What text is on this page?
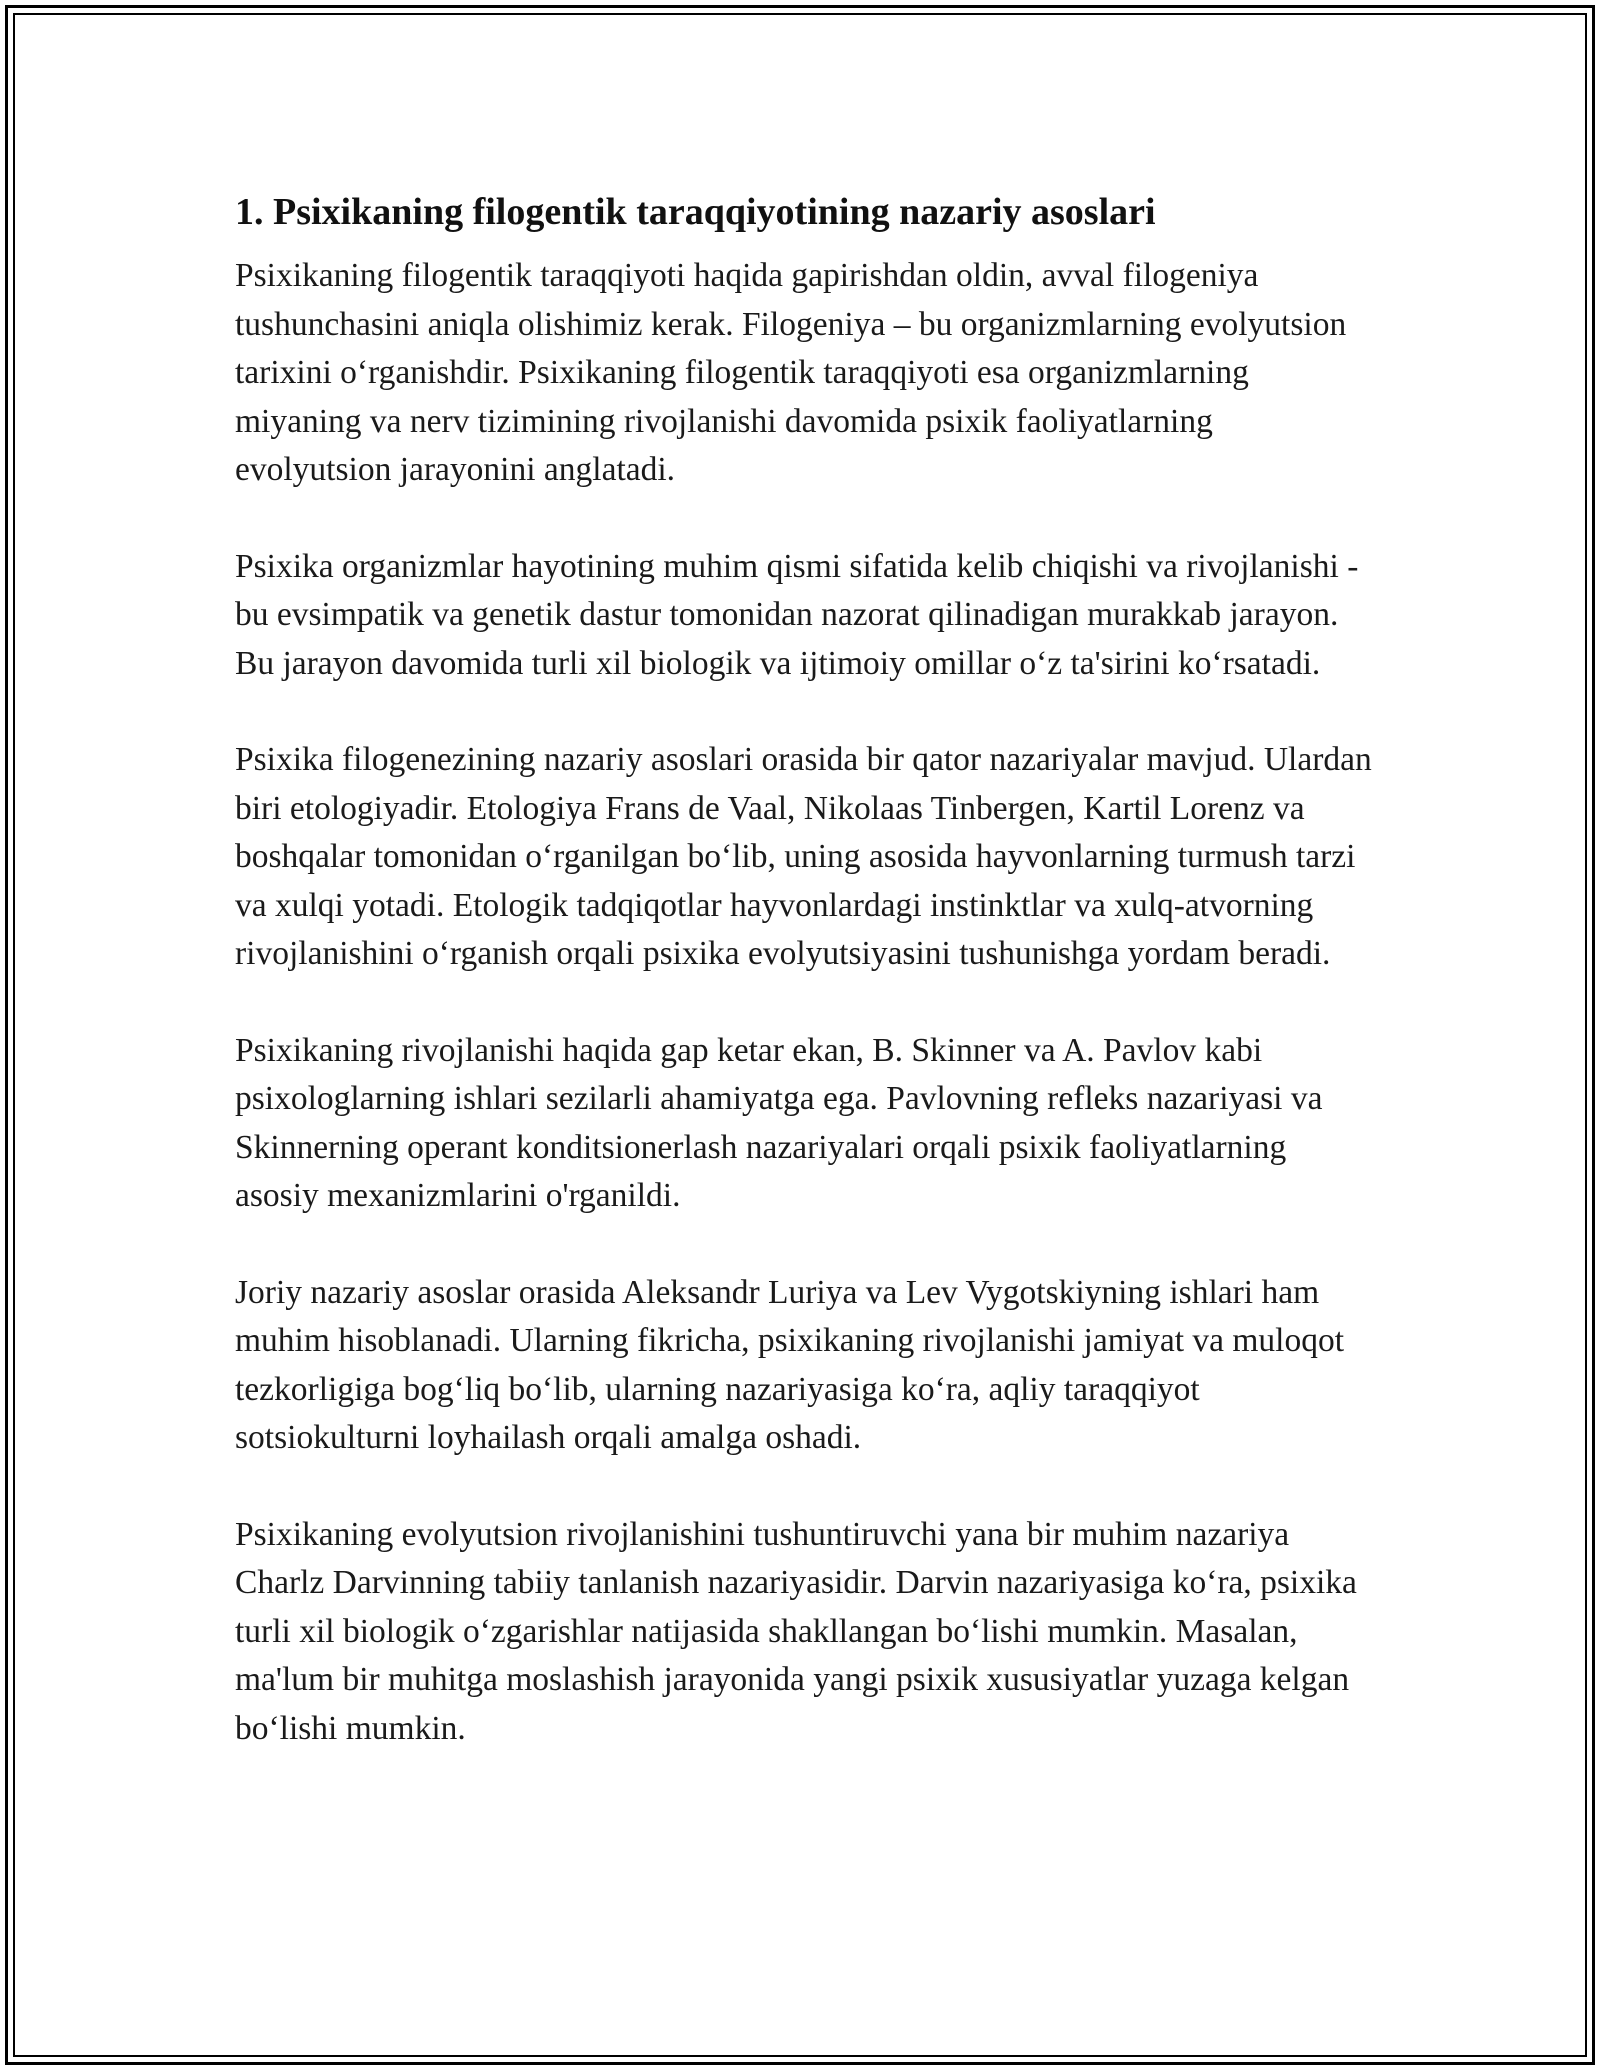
1. Psixikaning filogentik taraqqiyotining nazariy asoslari

Psixikaning filogentik taraqqiyoti haqida gapirishdan oldin, avval filogeniya tushunchasini aniqla olishimiz kerak. Filogeniya – bu organizmlarning evolyutsion tarixini oʻrganishdir. Psixikaning filogentik taraqqiyoti esa organizmlarning miyaning va nerv tizimining rivojlanishi davomida psixik faoliyatlarning evolyutsion jarayonini anglatadi.

Psixika organizmlar hayotining muhim qismi sifatida kelib chiqishi va rivojlanishi - bu evsimpatik va genetik dastur tomonidan nazorat qilinadigan murakkab jarayon. Bu jarayon davomida turli xil biologik va ijtimoiy omillar oʻz ta'sirini koʻrsatadi.

Psixika filogenezining nazariy asoslari orasida bir qator nazariyalar mavjud. Ulardan biri etologiyadir. Etologiya Frans de Vaal, Nikolaas Tinbergen, Kartil Lorenz va boshqalar tomonidan oʻrganilgan boʻlib, uning asosida hayvonlarning turmush tarzi va xulqi yotadi. Etologik tadqiqotlar hayvonlardagi instinktlar va xulq-atvorning rivojlanishini oʻrganish orqali psixika evolyutsiyasini tushunishga yordam beradi.

Psixikaning rivojlanishi haqida gap ketar ekan, B. Skinner va A. Pavlov kabi psixologlarning ishlari sezilarli ahamiyatga ega. Pavlovning refleks nazariyasi va Skinnerning operant konditsionerlash nazariyalari orqali psixik faoliyatlarning asosiy mexanizmlarini o'rganildi.

Joriy nazariy asoslar orasida Aleksandr Luriya va Lev Vygotskiyning ishlari ham muhim hisoblanadi. Ularning fikricha, psixikaning rivojlanishi jamiyat va muloqot tezkorligiga bogʻliq boʻlib, ularning nazariyasiga koʻra, aqliy taraqqiyot sotsiokulturni loyhailash orqali amalga oshadi.

Psixikaning evolyutsion rivojlanishini tushuntiruvchi yana bir muhim nazariya Charlz Darvinning tabiiy tanlanish nazariyasidir. Darvin nazariyasiga koʻra, psixika turli xil biologik oʻzgarishlar natijasida shakllangan boʻlishi mumkin. Masalan, ma'lum bir muhitga moslashish jarayonida yangi psixik xususiyatlar yuzaga kelgan boʻlishi mumkin.
